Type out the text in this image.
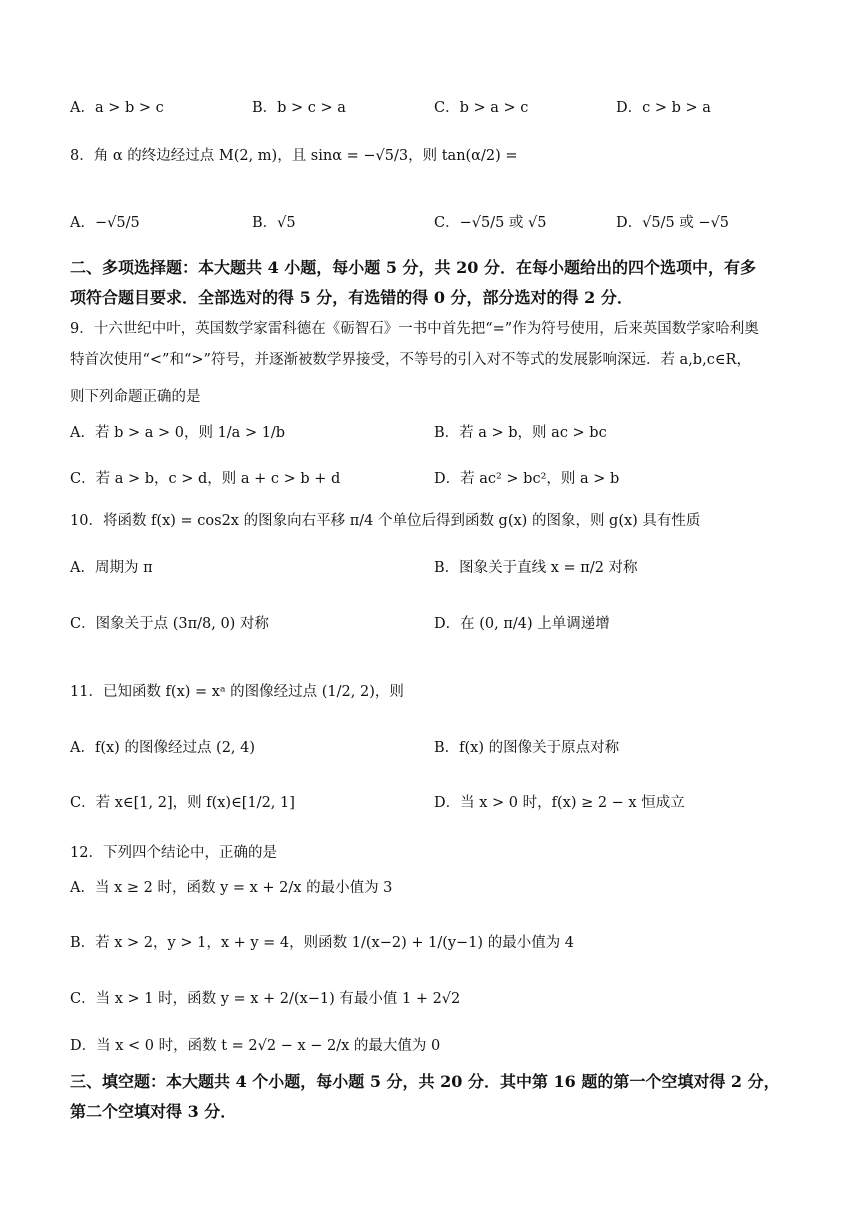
A．a > b > c	B．b > c > a	C．b > a > c	D．c > b > a
8．角 α 的终边经过点 M(2, m)，且 sinα = −√5/3，则 tan(α/2) =
A．−√5/5	B．√5	C．−√5/5 或 √5	D．√5/5 或 −√5
二、多项选择题：本大题共 4 小题，每小题 5 分，共 20 分．在每小题给出的四个选项中，有多
项符合题目要求．全部选对的得 5 分，有选错的得 0 分，部分选对的得 2 分．
9．十六世纪中叶，英国数学家雷科德在《砺智石》一书中首先把“=”作为符号使用，后来英国数学家哈利奥
特首次使用“<”和“>”符号，并逐渐被数学界接受，不等号的引入对不等式的发展影响深远．若 a,b,c∈R，
则下列命题正确的是
A．若 b > a > 0，则 1/a > 1/b	B．若 a > b，则 ac > bc
C．若 a > b，c > d，则 a + c > b + d	D．若 ac² > bc²，则 a > b
10．将函数 f(x) = cos2x 的图象向右平移 π/4 个单位后得到函数 g(x) 的图象，则 g(x) 具有性质
A．周期为 π	B．图象关于直线 x = π/2 对称
C．图象关于点 (3π/8, 0) 对称	D．在 (0, π/4) 上单调递增
11．已知函数 f(x) = xᵃ 的图像经过点 (1/2, 2)，则
A．f(x) 的图像经过点 (2, 4)	B．f(x) 的图像关于原点对称
C．若 x∈[1, 2]，则 f(x)∈[1/2, 1]	D．当 x > 0 时，f(x) ≥ 2 − x 恒成立
12．下列四个结论中，正确的是
A．当 x ≥ 2 时，函数 y = x + 2/x 的最小值为 3
B．若 x > 2，y > 1，x + y = 4，则函数 1/(x−2) + 1/(y−1) 的最小值为 4
C．当 x > 1 时，函数 y = x + 2/(x−1) 有最小值 1 + 2√2
D．当 x < 0 时，函数 t = 2√2 − x − 2/x 的最大值为 0
三、填空题：本大题共 4 个小题，每小题 5 分，共 20 分．其中第 16 题的第一个空填对得 2 分，
第二个空填对得 3 分．
